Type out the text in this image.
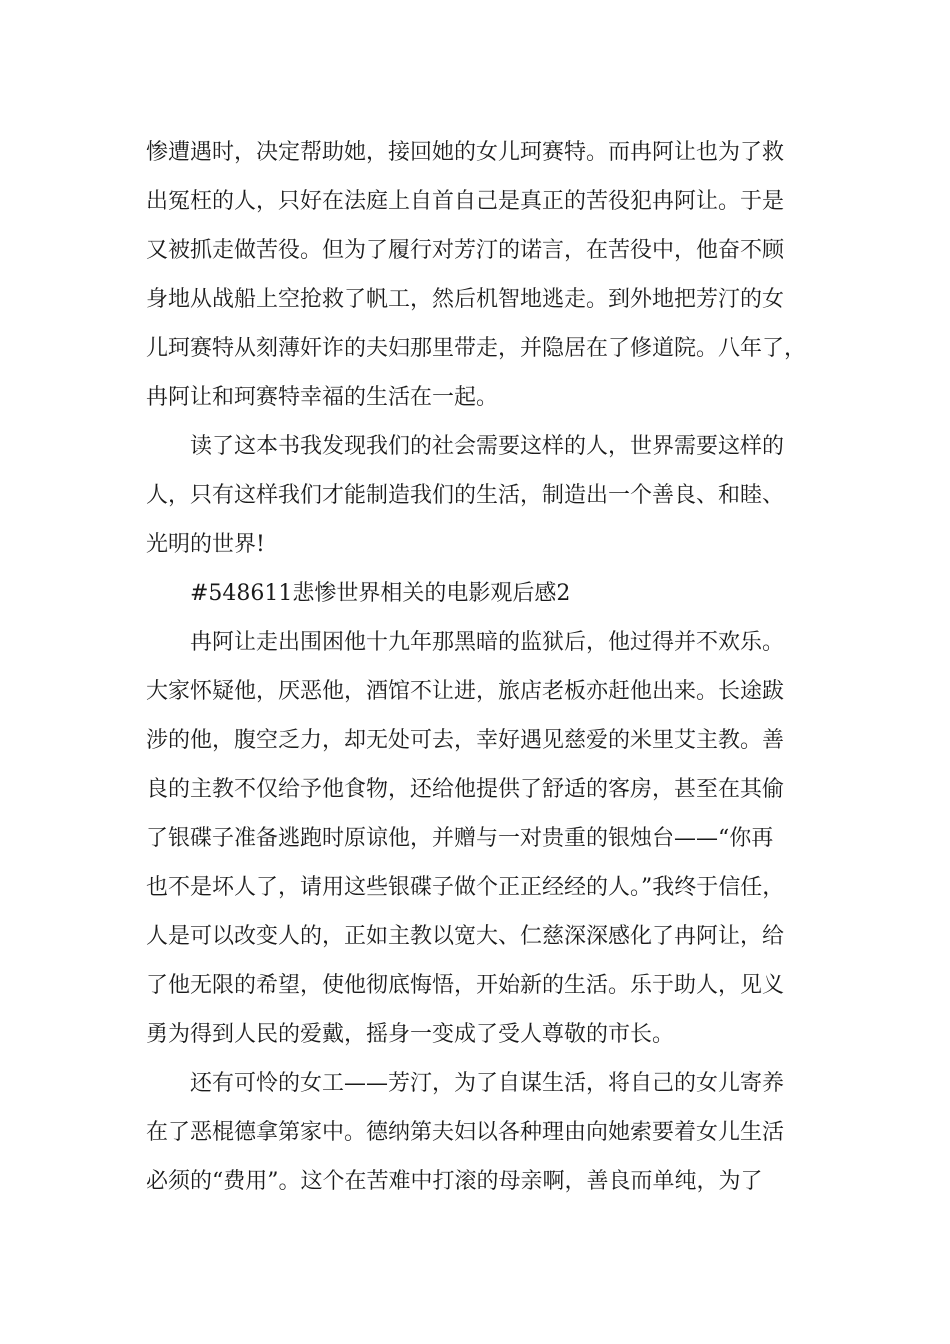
惨遭遇时，决定帮助她，接回她的女儿珂赛特。而冉阿让也为了救
出冤枉的人，只好在法庭上自首自己是真正的苦役犯冉阿让。于是
又被抓走做苦役。但为了履行对芳汀的诺言，在苦役中，他奋不顾
身地从战船上空抢救了帆工，然后机智地逃走。到外地把芳汀的女
儿珂赛特从刻薄奸诈的夫妇那里带走，并隐居在了修道院。八年了，
冉阿让和珂赛特幸福的生活在一起。
读了这本书我发现我们的社会需要这样的人，世界需要这样的
人，只有这样我们才能制造我们的生活，制造出一个善良、和睦、
光明的世界!
#548611悲惨世界相关的电影观后感2
冉阿让走出围困他十九年那黑暗的监狱后，他过得并不欢乐。
大家怀疑他，厌恶他，酒馆不让进，旅店老板亦赶他出来。长途跋
涉的他，腹空乏力，却无处可去，幸好遇见慈爱的米里艾主教。善
良的主教不仅给予他食物，还给他提供了舒适的客房，甚至在其偷
了银碟子准备逃跑时原谅他，并赠与一对贵重的银烛台——“你再
也不是坏人了，请用这些银碟子做个正正经经的人。”我终于信任，
人是可以改变人的，正如主教以宽大、仁慈深深感化了冉阿让，给
了他无限的希望，使他彻底悔悟，开始新的生活。乐于助人，见义
勇为得到人民的爱戴，摇身一变成了受人尊敬的市长。
还有可怜的女工——芳汀，为了自谋生活，将自己的女儿寄养
在了恶棍德拿第家中。德纳第夫妇以各种理由向她索要着女儿生活
必须的“费用”。这个在苦难中打滚的母亲啊，善良而单纯，为了
